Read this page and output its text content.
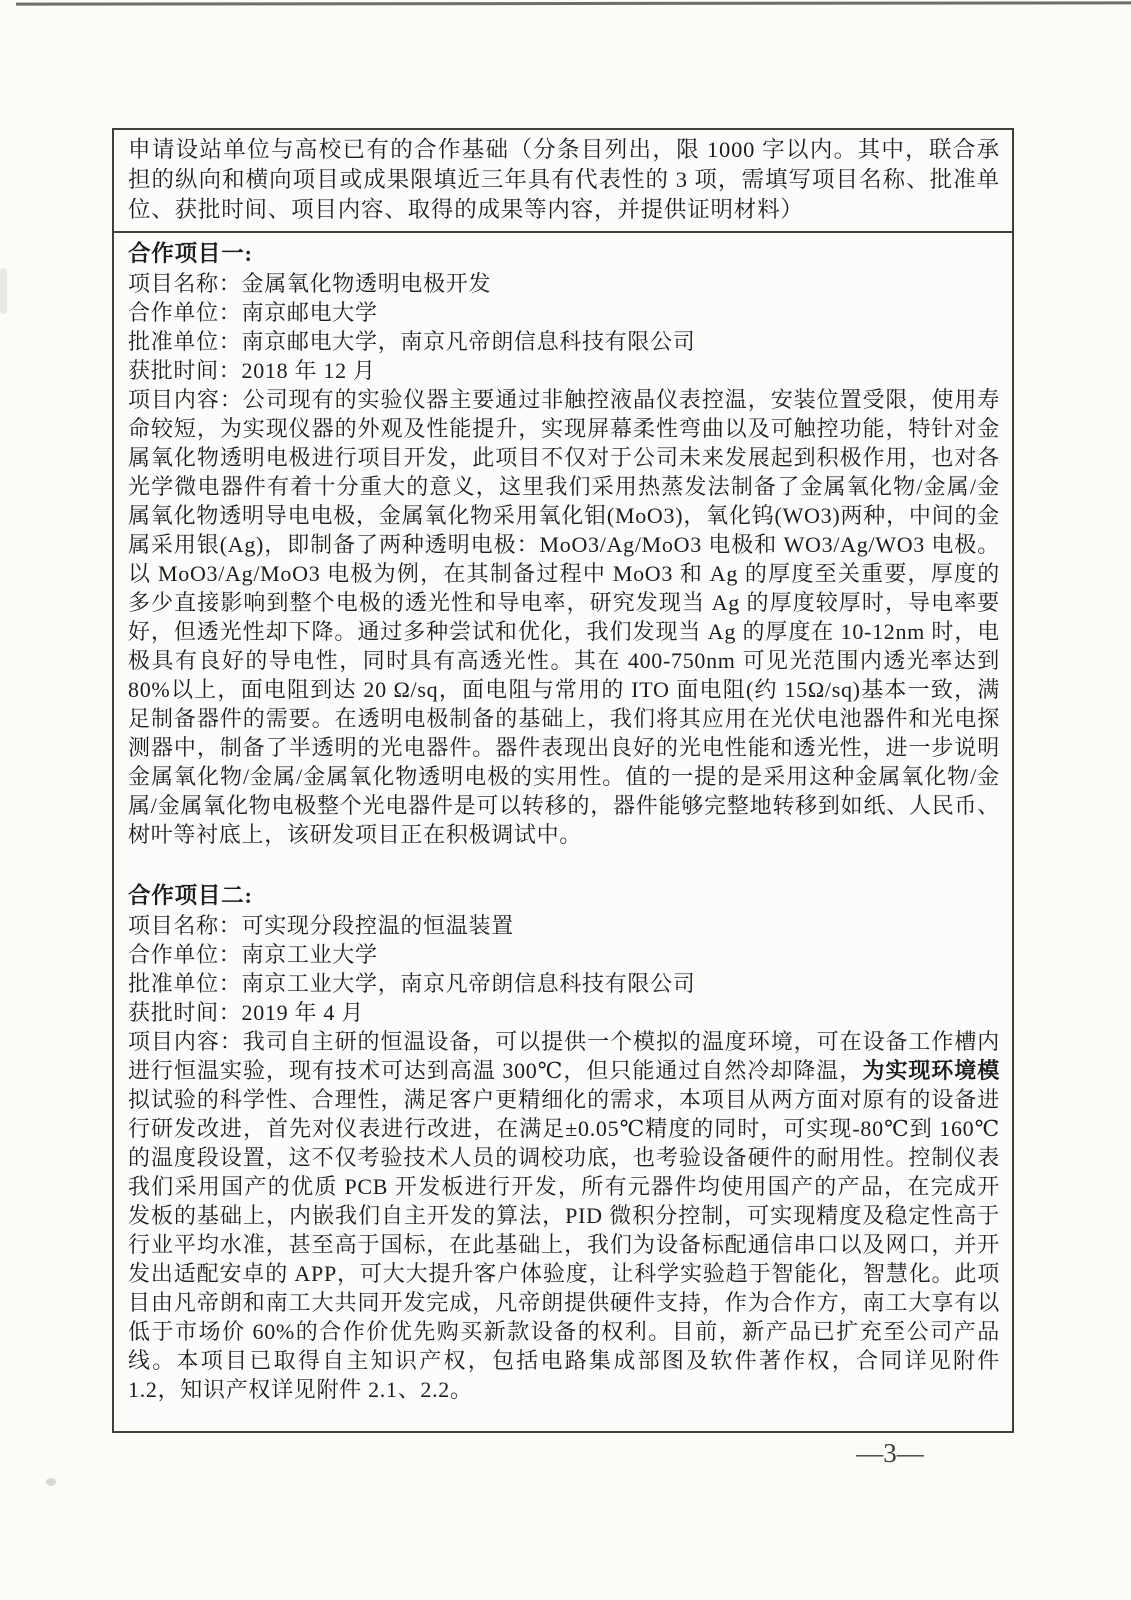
申请设站单位与高校已有的合作基础（分条目列出，限 1000 字以内。其中，联合承担的纵向和横向项目或成果限填近三年具有代表性的 3 项，需填写项目名称、批准单位、获批时间、项目内容、取得的成果等内容，并提供证明材料）

合作项目一:

项目名称：金属氧化物透明电极开发

合作单位：南京邮电大学

批准单位：南京邮电大学，南京凡帝朗信息科技有限公司

获批时间：2018 年 12 月

项目内容：公司现有的实验仪器主要通过非触控液晶仪表控温，安装位置受限，使用寿命较短，为实现仪器的外观及性能提升，实现屏幕柔性弯曲以及可触控功能，特针对金属氧化物透明电极进行项目开发，此项目不仅对于公司未来发展起到积极作用，也对各光学微电器件有着十分重大的意义，这里我们采用热蒸发法制备了金属氧化物/金属/金属氧化物透明导电电极，金属氧化物采用氧化钼(MoO3)，氧化钨(WO3)两种，中间的金属采用银(Ag)，即制备了两种透明电极：MoO3/Ag/MoO3 电极和 WO3/Ag/WO3 电极。以 MoO3/Ag/MoO3 电极为例，在其制备过程中 MoO3 和 Ag 的厚度至关重要，厚度的多少直接影响到整个电极的透光性和导电率，研究发现当 Ag 的厚度较厚时，导电率要好，但透光性却下降。通过多种尝试和优化，我们发现当 Ag 的厚度在 10-12nm 时，电极具有良好的导电性，同时具有高透光性。其在 400-750nm 可见光范围内透光率达到 80%以上，面电阻到达 20 Ω/sq，面电阻与常用的 ITO 面电阻(约 15Ω/sq)基本一致，满足制备器件的需要。在透明电极制备的基础上，我们将其应用在光伏电池器件和光电探测器中，制备了半透明的光电器件。器件表现出良好的光电性能和透光性，进一步说明金属氧化物/金属/金属氧化物透明电极的实用性。值的一提的是采用这种金属氧化物/金属/金属氧化物电极整个光电器件是可以转移的，器件能够完整地转移到如纸、人民币、树叶等衬底上，该研发项目正在积极调试中。

合作项目二:

项目名称：可实现分段控温的恒温装置

合作单位：南京工业大学

批准单位：南京工业大学，南京凡帝朗信息科技有限公司

获批时间：2019 年 4 月

项目内容：我司自主研的恒温设备，可以提供一个模拟的温度环境，可在设备工作槽内进行恒温实验，现有技术可达到高温 300℃，但只能通过自然冷却降温，为实现环境模拟试验的科学性、合理性，满足客户更精细化的需求，本项目从两方面对原有的设备进行研发改进，首先对仪表进行改进，在满足±0.05℃精度的同时，可实现-80℃到 160℃的温度段设置，这不仅考验技术人员的调校功底，也考验设备硬件的耐用性。控制仪表我们采用国产的优质 PCB 开发板进行开发，所有元器件均使用国产的产品，在完成开发板的基础上，内嵌我们自主开发的算法，PID 微积分控制，可实现精度及稳定性高于行业平均水准，甚至高于国标，在此基础上，我们为设备标配通信串口以及网口，并开发出适配安卓的 APP，可大大提升客户体验度，让科学实验趋于智能化，智慧化。此项目由凡帝朗和南工大共同开发完成，凡帝朗提供硬件支持，作为合作方，南工大享有以低于市场价 60%的合作价优先购买新款设备的权利。目前，新产品已扩充至公司产品线。本项目已取得自主知识产权，包括电路集成部图及软件著作权，合同详见附件 1.2，知识产权详见附件 2.1、2.2。

—3—
